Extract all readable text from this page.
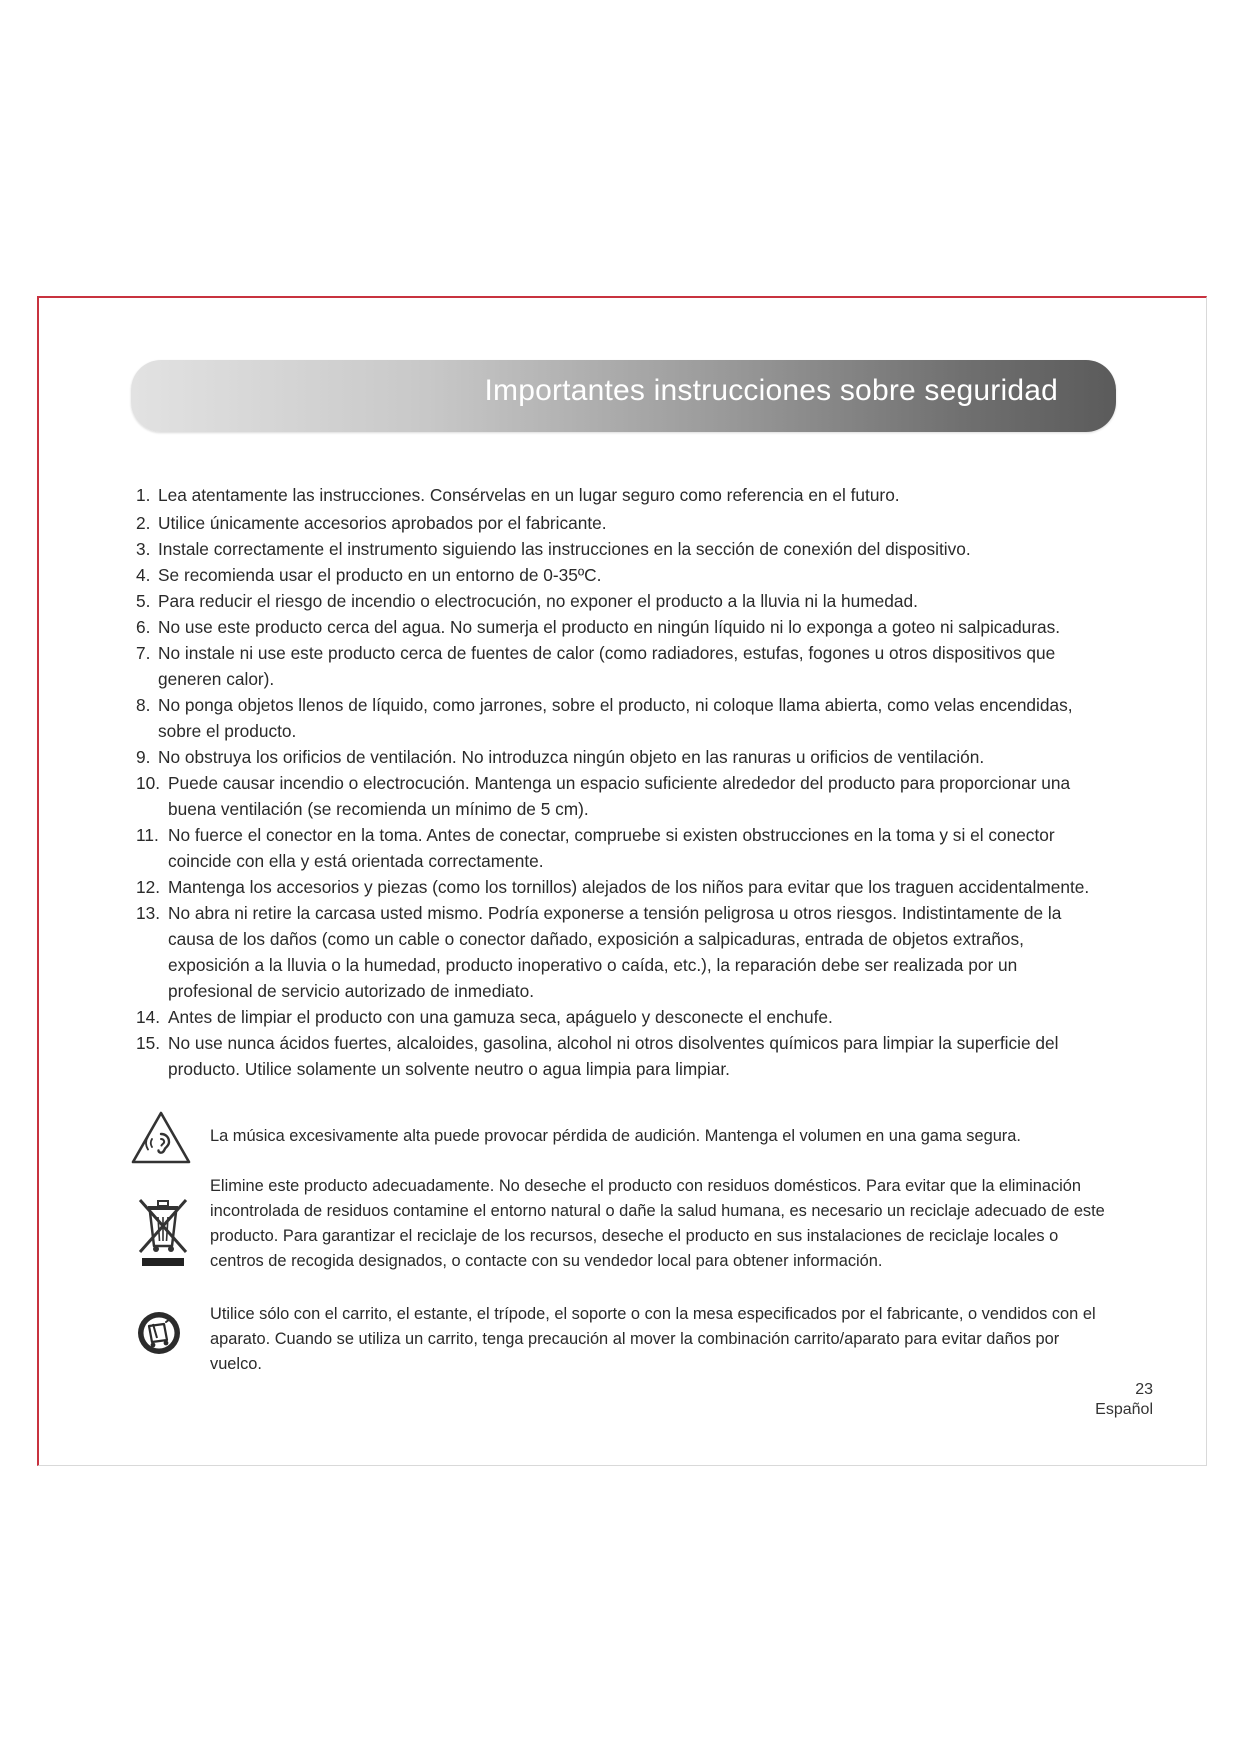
Importantes instrucciones sobre seguridad
1. Lea atentamente las instrucciones. Consérvelas en un lugar seguro como referencia en el futuro.
2. Utilice únicamente accesorios aprobados por el fabricante.
3. Instale correctamente el instrumento siguiendo las instrucciones en la sección de conexión del dispositivo.
4. Se recomienda usar el producto en un entorno de 0-35ºC.
5. Para reducir el riesgo de incendio o electrocución, no exponer el producto a la lluvia ni la humedad.
6. No use este producto cerca del agua. No sumerja el producto en ningún líquido ni lo exponga a goteo ni salpicaduras.
7. No instale ni use este producto cerca de fuentes de calor (como radiadores, estufas, fogones u otros dispositivos que generen calor).
8. No ponga objetos llenos de líquido, como jarrones, sobre el producto, ni coloque llama abierta, como velas encendidas, sobre el producto.
9. No obstruya los orificios de ventilación. No introduzca ningún objeto en las ranuras u orificios de ventilación.
10. Puede causar incendio o electrocución. Mantenga un espacio suficiente alrededor del producto para proporcionar una buena ventilación (se recomienda un mínimo de 5 cm).
11. No fuerce el conector en la toma. Antes de conectar, compruebe si existen obstrucciones en la toma y si el conector coincide con ella y está orientada correctamente.
12. Mantenga los accesorios y piezas (como los tornillos) alejados de los niños para evitar que los traguen accidentalmente.
13. No abra ni retire la carcasa usted mismo. Podría exponerse a tensión peligrosa u otros riesgos. Indistintamente de la causa de los daños (como un cable o conector dañado, exposición a salpicaduras, entrada de objetos extraños, exposición a la lluvia o la humedad, producto inoperativo o caída, etc.), la reparación debe ser realizada por un profesional de servicio autorizado de inmediato.
14. Antes de limpiar el producto con una gamuza seca, apáguelo y desconecte el enchufe.
15. No use nunca ácidos fuertes, alcaloides, gasolina, alcohol ni otros disolventes químicos para limpiar la superficie del producto. Utilice solamente un solvente neutro o agua limpia para limpiar.
La música excesivamente alta puede provocar pérdida de audición. Mantenga el volumen en una gama segura.
Elimine este producto adecuadamente. No deseche el producto con residuos domésticos. Para evitar que la eliminación incontrolada de residuos contamine el entorno natural o dañe la salud humana, es necesario un reciclaje adecuado de este producto. Para garantizar el reciclaje de los recursos, deseche el producto en sus instalaciones de reciclaje locales o centros de recogida designados, o contacte con su vendedor local para obtener información.
Utilice sólo con el carrito, el estante, el trípode, el soporte o con la mesa especificados por el fabricante, o vendidos con el aparato. Cuando se utiliza un carrito, tenga precaución al mover la combinación carrito/aparato para evitar daños por vuelco.
23
Español
